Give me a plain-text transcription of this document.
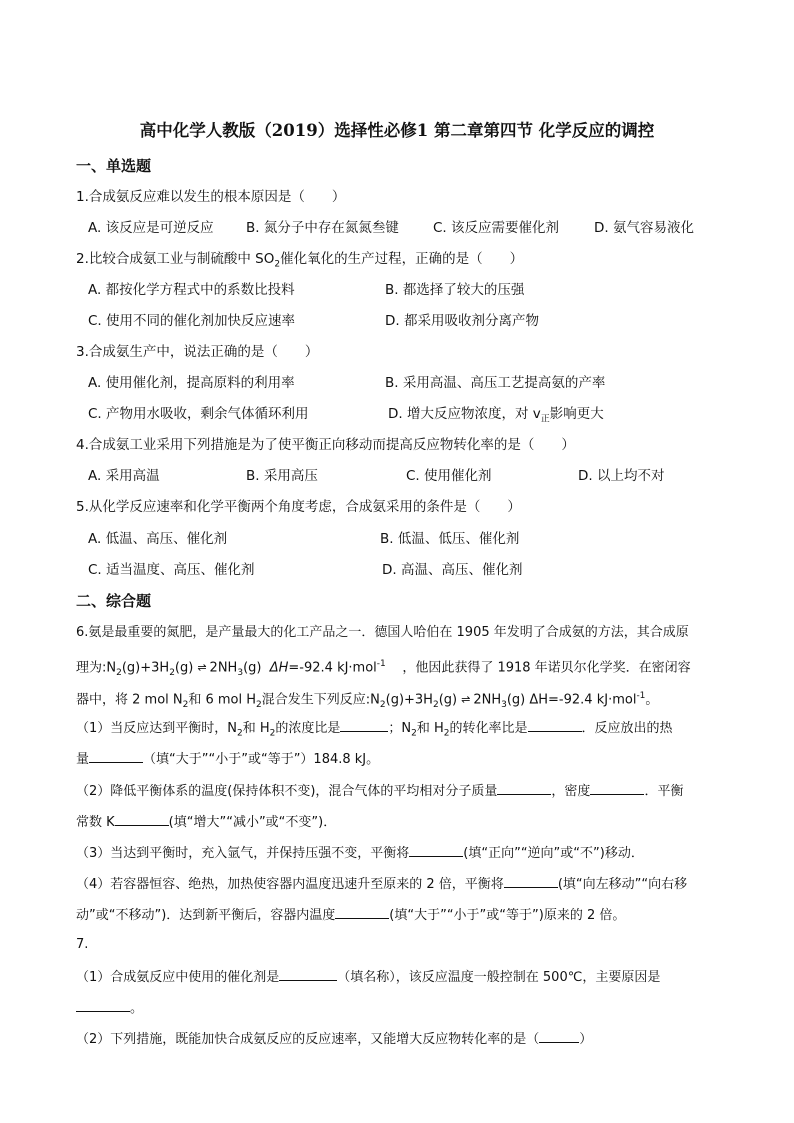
高中化学人教版（2019）选择性必修1 第二章第四节 化学反应的调控
一、单选题
1.合成氨反应难以发生的根本原因是（　　）
A. 该反应是可逆反应 B. 氮分子中存在氮氮叁键	C. 该反应需要催化剂	D. 氨气容易液化
2.比较合成氨工业与制硫酸中 $SO_2$催化氧化的生产过程，正确的是（　　）
A. 都按化学方程式中的系数比投料	B. 都选择了较大的压强
C. 使用不同的催化剂加快反应速率	D. 都采用吸收剂分离产物
3.合成氨生产中，说法正确的是（　　）
A. 使用催化剂，提高原料的利用率	B. 采用高温、高压工艺提高氨的产率
C. 产物用水吸收，剩余气体循环利用	D. 增大反应物浓度，对 $v_正$影响更大
4.合成氨工业采用下列措施是为了使平衡正向移动而提高反应物转化率的是（　　）
A. 采用高温	B. 采用高压	C. 使用催化剂	D. 以上均不对
5.从化学反应速率和化学平衡两个角度考虑，合成氨采用的条件是（　　）
A. 低温、高压、催化剂	B. 低温、低压、催化剂
C. 适当温度、高压、催化剂	D. 高温、高压、催化剂
二、综合题
6.氨是最重要的氮肥，是产量最大的化工产品之一．德国人哈伯在 1905 年发明了合成氨的方法，其合成原
理为$:N_2(g)+3H_2(g)$ ⇌ $2NH_3(g)$ ΔH=-92.4 kJ·mol$^{-1}$ ，他因此获得了 1918 年诺贝尔化学奖．在密闭容
器中，将 2 mol $N_2$和 6 mol $H_2$混合发生下列反应$:N_2(g)+3H_2(g)$ ⇌ $2NH_3(g)$ ΔH=-92.4 kJ·mol$^{-1}$。
（1）当反应达到平衡时，$N_2$和 $H_2$的浓度比是	；$N_2$和 $H_2$的转化率比是	．反应放出的热
量	（填“大于”“小于”或“等于”）184.8 kJ。
（2）降低平衡体系的温度(保持体积不变)，混合气体的平均相对分子质量	，密度	．平衡
常数 K	(填“增大”“减小”或“不变”)．
（3）当达到平衡时，充入氩气，并保持压强不变，平衡将	(填“正向”“逆向”或“不”)移动．
（4）若容器恒容、绝热，加热使容器内温度迅速升至原来的 2 倍，平衡将	(填“向左移动”“向右移
动”或“不移动”)．达到新平衡后，容器内温度	(填“大于”“小于”或“等于”)原来的 2 倍。
7.
（1）合成氨反应中使用的催化剂是	（填名称），该反应温度一般控制在 500℃，主要原因是
。
（2）下列措施，既能加快合成氨反应的反应速率，又能增大反应物转化率的是（	）
